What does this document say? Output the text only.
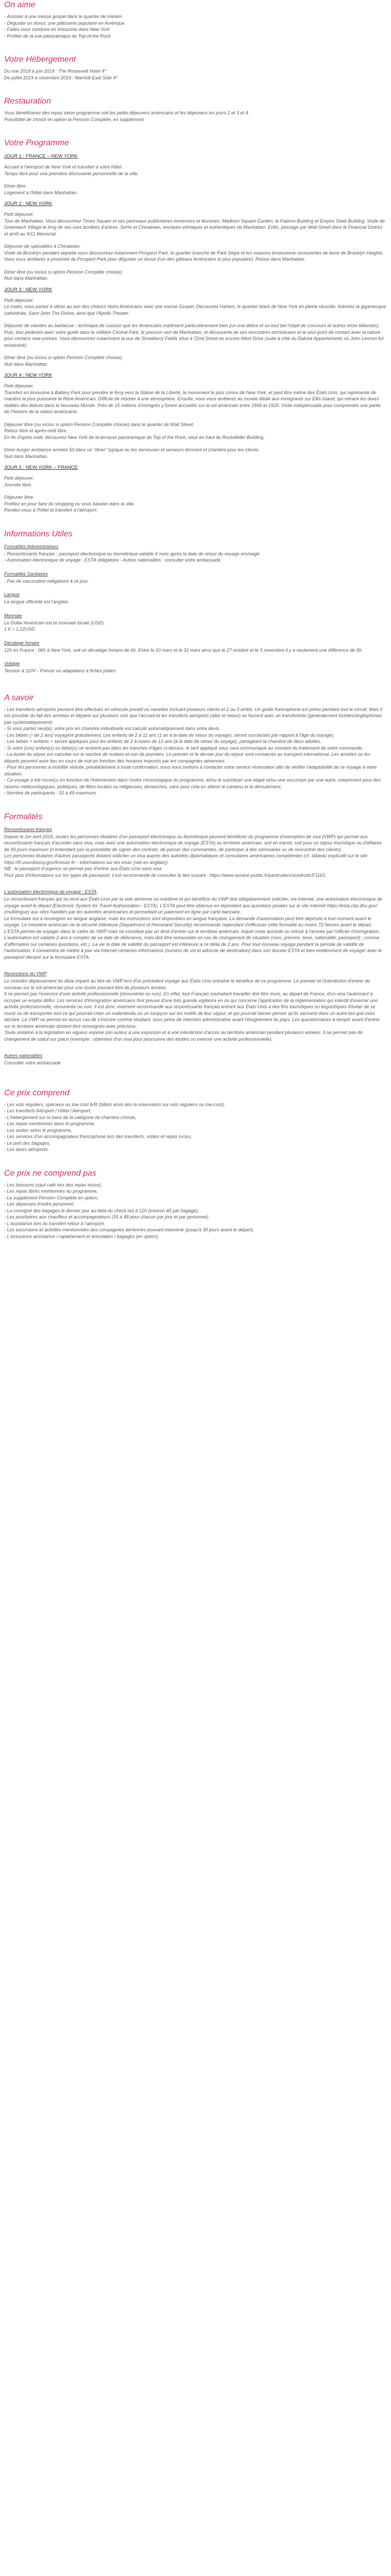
On aime

- Assister à une messe gospel dans le quartier de Harlem

- Déguster un donut, une pâtisserie populaire en Amérique

- Faites vous conduire en limousine dans New York

- Profiter de la vue panoramique du Top of the Rock

Votre Hébergement

Du mai 2019 à juin 2019 : The Roosevelt Hotel 4*

De juillet 2019 à novembre 2019 : Marriott East Side 4*

Restauration

Vous bénéficierez des repas selon programme soit les petits déjeuners américains et les déjeuners les jours 2 et 3 et 4.

Possibilité de choisir en option la Pension Complète, en supplément

Votre Programme
JOUR 1 : FRANCE – NEW YORK

Accueil à l'aéroport de New York et transfert à votre hôtel.

Temps libre pour une première découverte personnelle de la ville.

Dîner libre.

Logement à l'hôtel dans Manhattan.

JOUR 2 : NEW YORK

Petit déjeuner.

Tour de Manhattan. Vous découvrirez Times Square et ses panneaux publicitaires immenses et illuminés, Madison Square Garden, le Flatiron Building et Empire State Building. Visite de Greenwich Village le long de ses rues bordées d'arbres. SoHo et Chinatown, enclaves ethniques et authentiques de Manhattan. Enfin, passage par Wall Street dans le Financial District et arrêt au 9/11 Memorial.

Déjeuner de spécialités à Chinatown.

Visite de Brooklyn pendant laquelle vous découvrirez notamment Prospect Park, le quartier branché de Park Slope et les maisons brownstone recouvertes de lierre de Brooklyn Heights.

Vous vous arrêterez à proximité de Prospect Park pour déguster un donut (l'un des gâteaux Américains le plus populaire). Retour dans Manhattan.

Dîner libre (ou inclus si option Pension Complète choisie).

Nuit dans Manhattan.

JOUR 3 : NEW YORK

Petit déjeuner.

Le matin, vous partez à vibrer au son des chœurs Noirs Américains avec une messe Gospel. Découvrez Harlem, le quartier black de New York en pleine réussite. Admirez la gigantesque cathédrale, Saint John The Divine, ainsi que l'Apollo Theater.

Déjeuner de viandes au barbecue - technique de cuisson que les Américains maîtrisent particulièrement bien (un vrai délice et un tout bel l'objet de concours et autres show télévisés).

Puis, tour pédestre avec votre guide dans le célèbre Central Park, le poumon vert de Manhattan, et découverte de ses rencontres dominicales et le seul point de contact avec la nature pour certains new-yorkais. Vous découvrirez notamment la vue de Strawberry Fields situé à 72nd Street ou encore West Drive (suite à côté du Dakota Appartements où John Lennon fut assassiné).

Dîner libre (ou inclus si option Pension Complète choisie).

Nuit dans Manhattan.

JOUR 4 : NEW YORK

Petit déjeuner.

Transfert en limousine à Battery Park pour prendre le ferry vers la Statue de la Liberté, le monument le plus connu de New York, et peut être même des États Unis, qui représente de manière la plus puissante la Rêve Américain. Difficile de résister à une atmosphère. Ensuite, vous vous arrêterez au musée dédié aux immigrants sur Ellis Island, qui retrace les dures réalités des débuts dans le Nouveau Monde. Près de 15 millions d'immigrés y furent accueillis sur le sol américain entre 1890 et 1920. Visite indispensable pour comprendre une partie de l'histoire de la nation américaine.

Déjeuner libre (ou inclus si option Pension Complète choisie) dans le quartier de Wall Street.

Retour libre et après-midi libre.

En fin d'après-midi, découvrez New York de la terrasse panoramique du Top of the Rock, situé en haut du Rockefeller Building.

Diner burger ambiance années 50 dans un "diner" typique ou les serveuses et serveurs donnent et chantent pour les clients.

Nuit dans Manhattan.

JOUR 5 : NEW YORK – FRANCE

Petit déjeuner.

Journée libre.

Déjeuner libre.

Profitez en pour faire du shopping ou vous balader dans la ville.

Rendez-vous à l'hôtel et transfert à l'aéroport.

Informations Utiles
Formalités Administratives

- Ressortissants français : passeport électronique ou biométrique valable 6 mois après la date de retour du voyage envisagé.

- Autorisation électronique de voyage : ESTA obligatoire - Autres nationalités : consulter votre ambassade.

Formalités Sanitaires

- Pas de vaccination obligatoire à ce jour.

Langue

La langue officielle est l'anglais.

Monnaie

Le Dollar Américain est la monnaie locale (USD).

1 € = 1,12USD

Décalage horaire

12h en France : 06h à New York, soit un décalage horaire de 6h. Entre le 10 mars et le 31 mars ainsi que le 27 octobre et le 3 novembre il y a seulement une différence de 5h.

Voltage

Tension à 110V - Prévoir un adaptateur à fiches plates

A savoir

- Les transferts aéroports peuvent être effectués en véhicule privatif ou navettes incluant plusieurs clients et 2 ou 3 arrêts. Un guide francophone est prévu pendant tout le circuit. Mais il est possible du fait des arrivées et départs sur plusieurs vols que l'accueil et les transferts aéroports (aller et retour) se fassent avec un transfertiste (généralement ils/elles/anglophones pas systématiquement).

- Si vous partez seul(e), votre prix en chambre individuelle est calculé automatiquement dans votre devis.

- Les bébés (- de 2 ans) voyagent gratuitement. Les enfants de 2 à 11 ans (1 an à la date de retour du voyage), seront surclassés par rapport à l'âge du voyage).

- Les bébés + enfants + seront appliqués pour les enfants de 2 à moins de 12 ans (à la date de retour du voyage), partageant la chambre de deux adultes.

- Si votre (vos) enfant(s) ou bébé(s) ne rentrent pas dans les tranches d'âges ci-dessus, le tarif appliqué vous sera communiqué au moment du traitement de votre commande.

- La durée du séjour est calculée sur le nombre de nuitées et non de journées. Le premier et le dernier jour du séjour sont consacrés au transport international. Les arrivées ou les départs peuvent avoir lieu en cours de nuit en fonction des horaires imposés par les compagnies aériennes.

- Pour les personnes à mobilité réduite, préalablement à toute confirmation, nous vous invitons à contacter notre service réservation afin de vérifier l'adaptabilité de ce voyage à votre situation.

- Ce voyage a été reconçu en fonction de l'intervention dans l'ordre chronologique du programme, et/ou le substituer une étape et/ou une excursion par une autre, notamment pour des raisons météorologiques, politiques, de fêtes locales ou religieuses, dimanches, sans pour cela en altérer le contenu et le déroulement.

- Nombre de participants : 02 à 49 maximum.

Formalités
Ressortissants français

Depuis le 1er avril 2016, seules les personnes titulaires d'un passeport électronique ou biométrique peuvent bénéficier du programme d'exemption de visa (VWP) qui permet aux ressortissants français d'accéder sans visa, mais avec une autorisation électronique de voyage (ESTA) au territoire américain, soit en transit, soit pour un séjour touristique ou d'affaires de 90 jours maximum (n'entendant pas la possibilité de signer des contrats, de passer des commandes, de participer à des séminaires ou de rencontrer des clients).

Les personnes titulaires d'autres passeports doivent solliciter un visa auprès des autorités diplomatiques et consulaires américaines compétentes (cf. tableau explicatif sur le site https://fr.usembassy.gov/fr/visas-fr/ - informations sur les visas (site en anglais)).

NB : le passeport d'urgence ne permet pas d'entrer aux États-Unis sans visa.

Pour plus d'informations sur les types de passeport, il est recommandé de consulter le lien suivant : https://www.service-public.fr/particuliers/vosdroits/F1163.

L'autorisation électronique de voyage : ESTA

Le ressortissant français qui se rend aux États-Unis par la voie aérienne ou maritime et qui bénéficie du VWP doit obligatoirement solliciter, via Internet, une autorisation électronique de voyage avant le départ (Electronic System for Travel Authorization - ESTA). L'ESTA peut être obtenue en répondant aux questions posées sur le site Internet https://esta.cbp.dhs.gov/ (multilingue) aux sites habilités par les autorités américaines et permettant un paiement en ligne par carte bancaire.

Le formulaire est à renseigner en langue anglaise, mais les instructions sont disponibles en langue française. La demande d'autorisation peut être déposée à tout moment avant le voyage. Le ministère américain de la sécurité intérieure (Department of Homeland Security) recommande cependant d'effectuer cette formalité au moins 72 heures avant le départ.

L'ESTA permet de voyager dans le cadre du VWP mais ne constitue pas un droit d'entrer sur le territoire américain, lequel reste accordé ou refusé à l'arrivée par l'officier d'immigration.

L'autorisation est valable 2 ans à compter de sa date de délivrance, mais doit être renouvelée en cas de changement de situation (nom, prénom, sexe, nationalité, passeport) ; comme d'affirmation sur certaines questions, etc.). La vie la date de validité du passeport est inférieure à ce délai de 2 ans. Pour tout nouveau voyage pendant la période de validité de l'autorisation, il conviendra de mettre à jour via Internet certaines informations (numéro de vol et adresse de destination) dans son dossier ESTA et bien évidemment de voyager avec le passeport déclaré sur le formulaire ESTA.

Restrictions du VWP

Le moindre dépassement du délai imparti au titre du VWP lors d'un précédent voyage aux États-Unis entraîne le bénéfice de ce programme. Le premier et l'interdiction d'entrer de nouveau sur le sol américain pour une durée pouvant être de plusieurs années.

Il ne permet pas l'exercice d'une activité professionnelle (rémunérée ou non). En effet, tout Français souhaitant travailler doit être muni, au départ de France, d'un visa l'autorisant à occuper un emploi défini. Les services d'immigration américains font preuve d'une très grande vigilance en ce qui concerne l'application de la réglementation qui interdit d'exercer une activité professionnelle, rémunérée ou non. Il est donc vivement recommandé aux ressortissants français entrant aux États-Unis à des fins touristiques ou linguistiques d'éviter de se munir ou de transporter tout ce qui pourrait créer un malentendu ou un soupçon sur les motifs de leur séjour, et qui pourrait laisser penser qu'ils viennent dans un autre but que celui déclaré. Le VWP ne permet en aucun cas de s'inscrire comme étudiant, sous peine de rétention administrative avant l'éloignement du pays. Les questionnaires à remplir avant d'entrer sur le territoire américain doivent être renseignés avec précision.

Toute violation à la législation en vigueur expose son auteur à une expulsion et à une interdiction d'accès au territoire américain pendant plusieurs années. Il ne permet pas de changement de statut sur place (exemple : obtention d'un visa pour poursuivre des études ou exercer une activité professionnelle).

Autres nationalités

Consulter votre ambassade

Ce prix comprend

- Les vols réguliers, spécieux ou low cost A/R (billets émis dès la réservation sur vols réguliers ou low-cost),

- Les transferts Aéroport / Hôtel / Aéroport,

- L'hébergement sur la base de la catégorie de chambre choisie,

- Les repas mentionnés dans le programme,

- Les visites selon le programme,

- Les services d'un accompagnateur francophone lors des transferts, visites et repas inclus,

- Le port des bagages,

- Les taxes aéroports.

Ce prix ne comprend pas

- Les boissons (sauf café lors des repas inclus),

- Les repas libres mentionnés au programme,

- Le supplément Pension Complète en option,

- Les dépenses d'ordre personnel,

- La consigne des bagages le dernier jour au-delà du check out à 12h (environ 45 par bagage),

- Les pourboires aux chauffeur et accompagnateurs (35 à 48 pour chacun par jour et par personne),

- L'assistance lors du transfert retour à l'aéroport,

- Les excursions et activités mentionnées des compagnies aériennes pouvant intervenir (jusqu'à 30 jours avant le départ),

- L'assurance assistance / rapatriement et annulation / bagages (en option).
